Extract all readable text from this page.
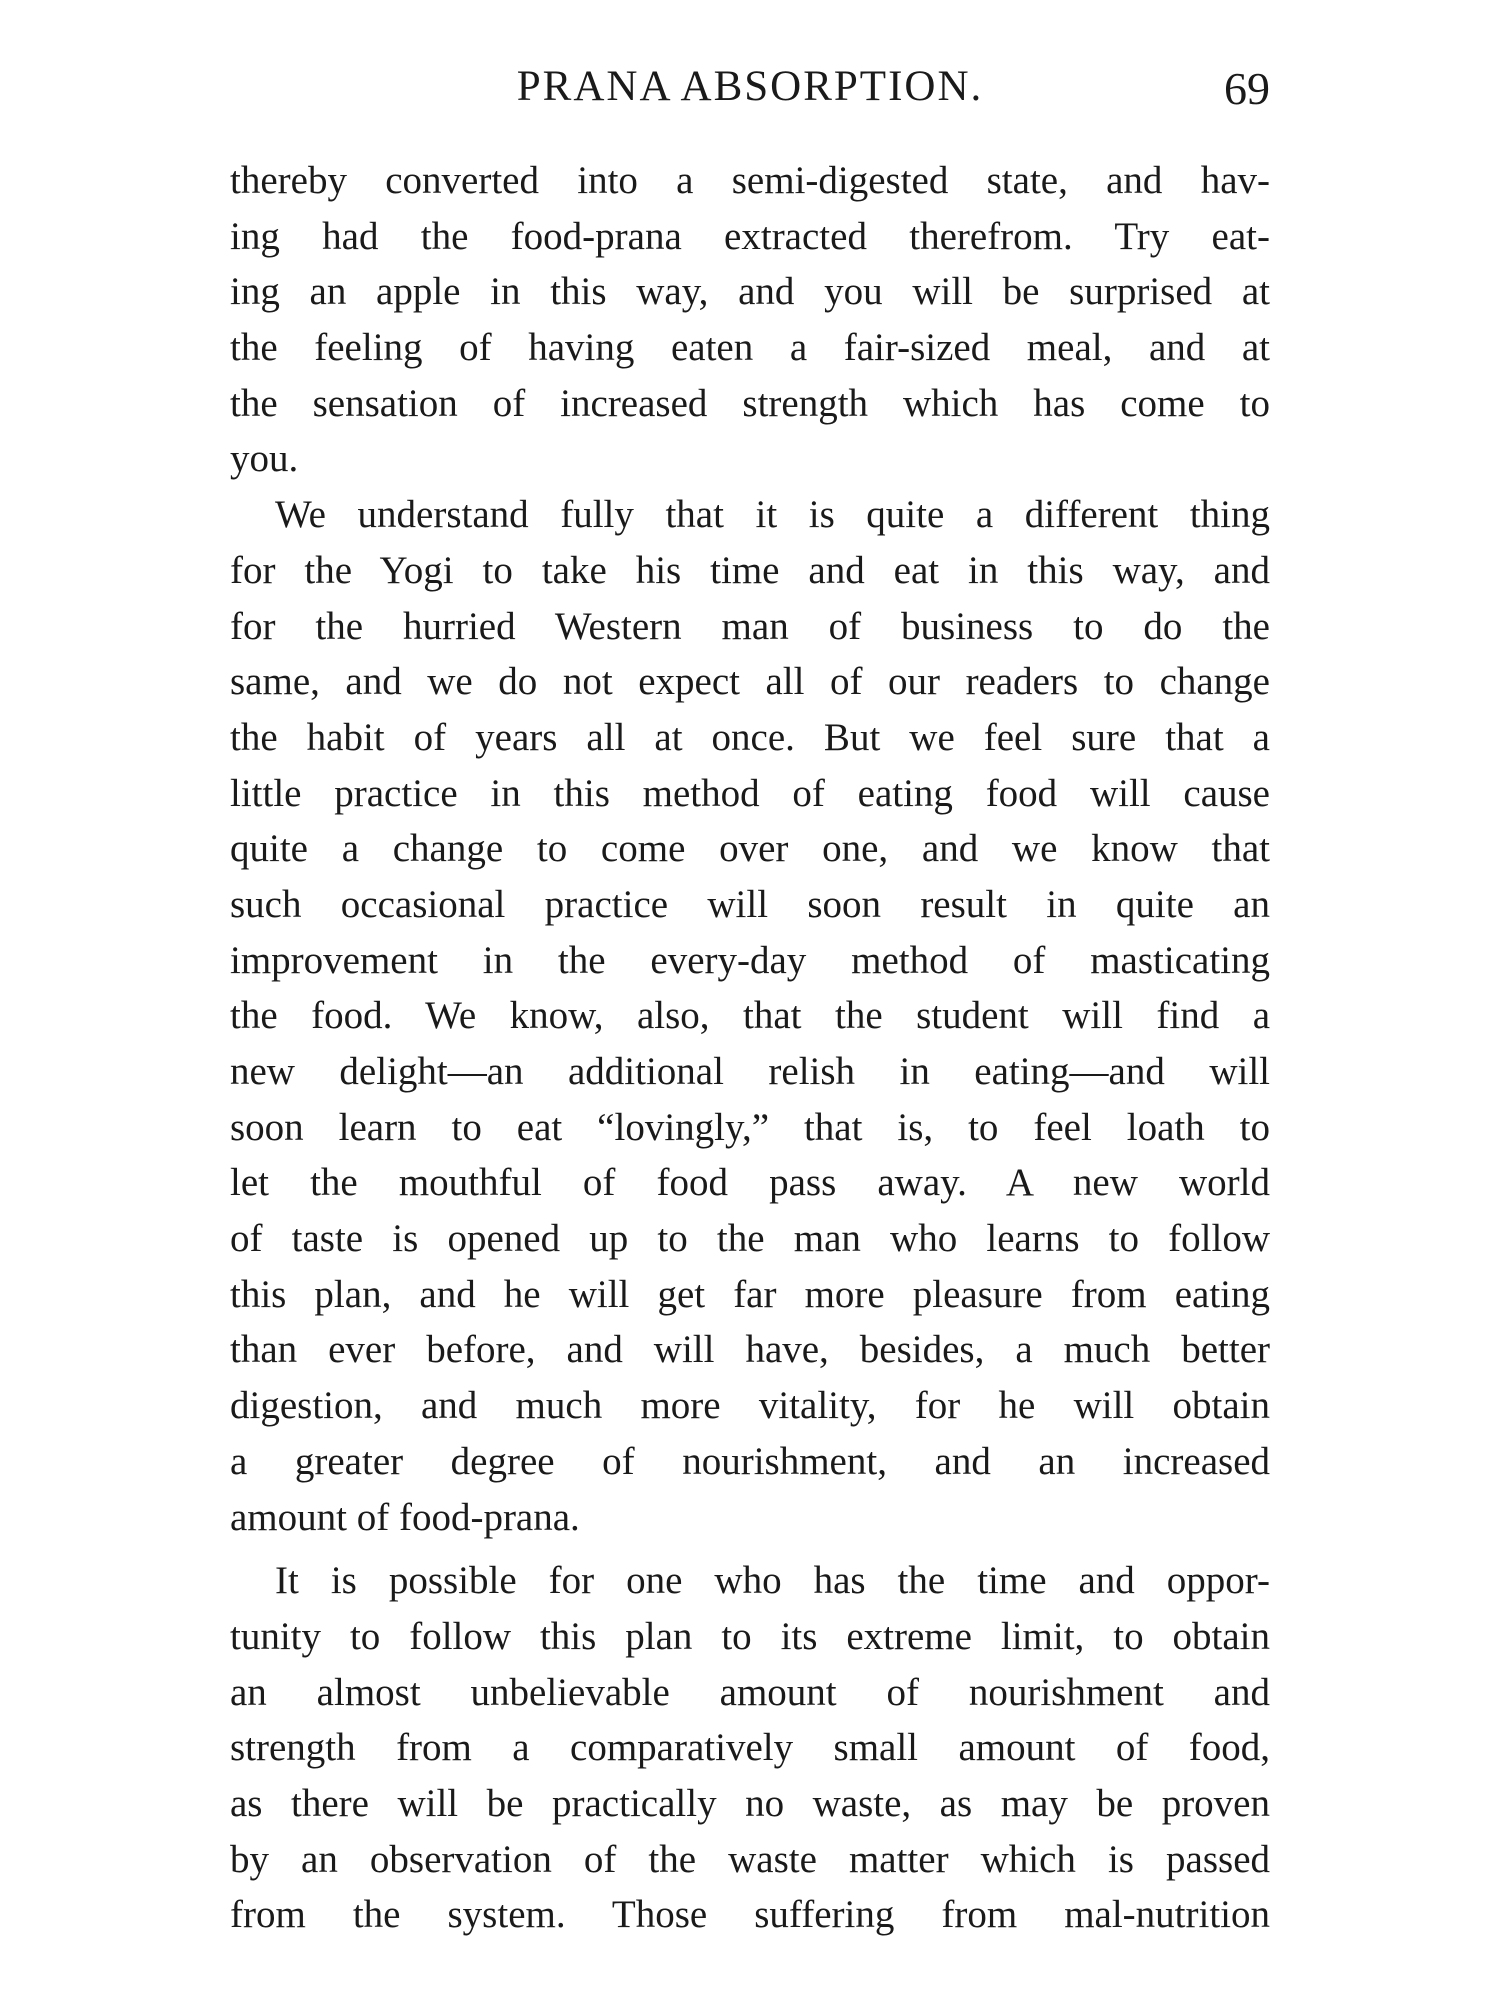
PRANA ABSORPTION.	69
thereby converted into a semi-digested state, and hav-
ing had the food-prana extracted therefrom. Try eat-
ing an apple in this way, and you will be surprised at
the feeling of having eaten a fair-sized meal, and at
the sensation of increased strength which has come to
you.
We understand fully that it is quite a different thing
for the Yogi to take his time and eat in this way, and
for the hurried Western man of business to do the
same, and we do not expect all of our readers to change
the habit of years all at once. But we feel sure that a
little practice in this method of eating food will cause
quite a change to come over one, and we know that
such occasional practice will soon result in quite an
improvement in the every-day method of masticating
the food. We know, also, that the student will find a
new delight—an additional relish in eating—and will
soon learn to eat “lovingly,” that is, to feel loath to
let the mouthful of food pass away. A new world
of taste is opened up to the man who learns to follow
this plan, and he will get far more pleasure from eating
than ever before, and will have, besides, a much better
digestion, and much more vitality, for he will obtain
a greater degree of nourishment, and an increased
amount of food-prana.
It is possible for one who has the time and oppor-
tunity to follow this plan to its extreme limit, to obtain
an almost unbelievable amount of nourishment and
strength from a comparatively small amount of food,
as there will be practically no waste, as may be proven
by an observation of the waste matter which is passed
from the system. Those suffering from mal-nutrition
